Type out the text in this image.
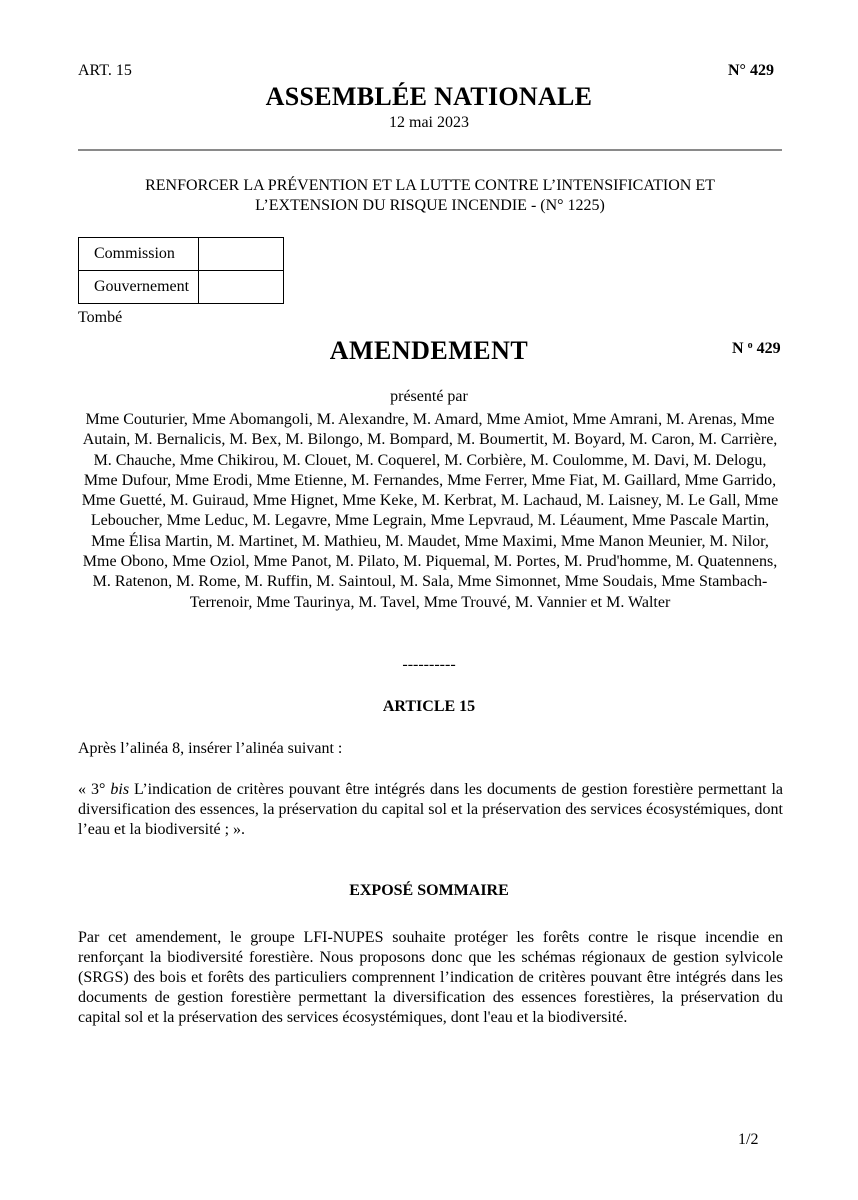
ART. 15	N° 429
ASSEMBLÉE NATIONALE
12 mai 2023
RENFORCER LA PRÉVENTION ET LA LUTTE CONTRE L’INTENSIFICATION ET L’EXTENSION DU RISQUE INCENDIE - (N° 1225)
Commission	
Gouvernement	
Tombé
AMENDEMENT	N $^o$ 429
présenté par
Mme Couturier, Mme Abomangoli, M. Alexandre, M. Amard, Mme Amiot, Mme Amrani, M. Arenas, Mme Autain, M. Bernalicis, M. Bex, M. Bilongo, M. Bompard, M. Boumertit, M. Boyard, M. Caron, M. Carrière, M. Chauche, Mme Chikirou, M. Clouet, M. Coquerel, M. Corbière, M. Coulomme, M. Davi, M. Delogu, Mme Dufour, Mme Erodi, Mme Etienne, M. Fernandes, Mme Ferrer, Mme Fiat, M. Gaillard, Mme Garrido, Mme Guetté, M. Guiraud, Mme Hignet, Mme Keke, M. Kerbrat, M. Lachaud, M. Laisney, M. Le Gall, Mme Leboucher, Mme Leduc, M. Legavre, Mme Legrain, Mme Lepvraud, M. Léaument, Mme Pascale Martin, Mme Élisa Martin, M. Martinet, M. Mathieu, M. Maudet, Mme Maximi, Mme Manon Meunier, M. Nilor, Mme Obono, Mme Oziol, Mme Panot, M. Pilato, M. Piquemal, M. Portes, M. Prud'homme, M. Quatennens, M. Ratenon, M. Rome, M. Ruffin, M. Saintoul, M. Sala, Mme Simonnet, Mme Soudais, Mme Stambach-Terrenoir, Mme Taurinya, M. Tavel, Mme Trouvé, M. Vannier et M. Walter
----------
ARTICLE 15
Après l’alinéa 8, insérer l’alinéa suivant :
« 3° bis L’indication de critères pouvant être intégrés dans les documents de gestion forestière permettant la diversification des essences, la préservation du capital sol et la préservation des services écosystémiques, dont l’eau et la biodiversité ; ».
EXPOSÉ SOMMAIRE
Par cet amendement, le groupe LFI-NUPES souhaite protéger les forêts contre le risque incendie en renforçant la biodiversité forestière. Nous proposons donc que les schémas régionaux de gestion sylvicole (SRGS) des bois et forêts des particuliers comprennent l’indication de critères pouvant être intégrés dans les documents de gestion forestière permettant la diversification des essences forestières, la préservation du capital sol et la préservation des services écosystémiques, dont l'eau et la biodiversité.
1/2
